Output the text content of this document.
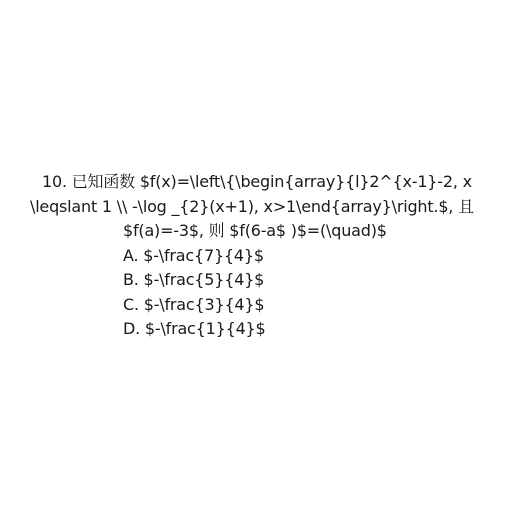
10. 已知函数 $f(x)=\left\{\begin{array}{l}2^{x-1}-2, x
\leqslant 1 \\ -\log _{2}(x+1), x>1\end{array}\right.$, 且
$f(a)=-3$, 则 $f(6-a$ )$=(\quad)$
A. $-\frac{7}{4}$
B. $-\frac{5}{4}$
C. $-\frac{3}{4}$
D. $-\frac{1}{4}$
